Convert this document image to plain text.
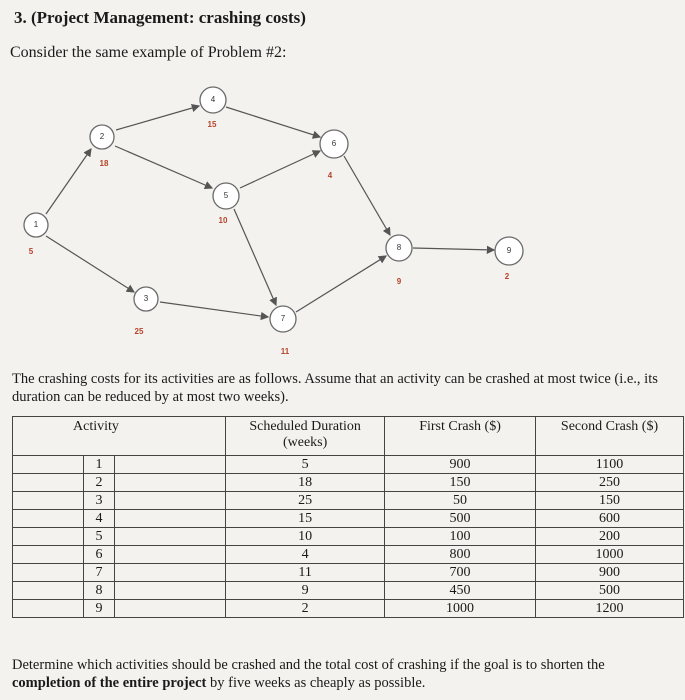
3. (Project Management: crashing costs)
Consider the same example of Problem #2:
1
2
3
4
5
6
7
8	9
5
18
25
15
10
4
11
9
2
The crashing costs for its activities are as follows. Assume that an activity can be crashed at most twice (i.e., its duration can be reduced by at most two weeks).
Activity	Scheduled Duration (weeks)	First Crash ($)	Second Crash ($)

1	5	900	1100

2	18	150	250

3	25	50	150

4	15	500	600

5	10	100	200

6	4	800	1000

7	11	700	900

8	9	450	500

9	2	1000	1200
Determine which activities should be crashed and the total cost of crashing if the goal is to shorten the completion of the entire project by five weeks as cheaply as possible.
